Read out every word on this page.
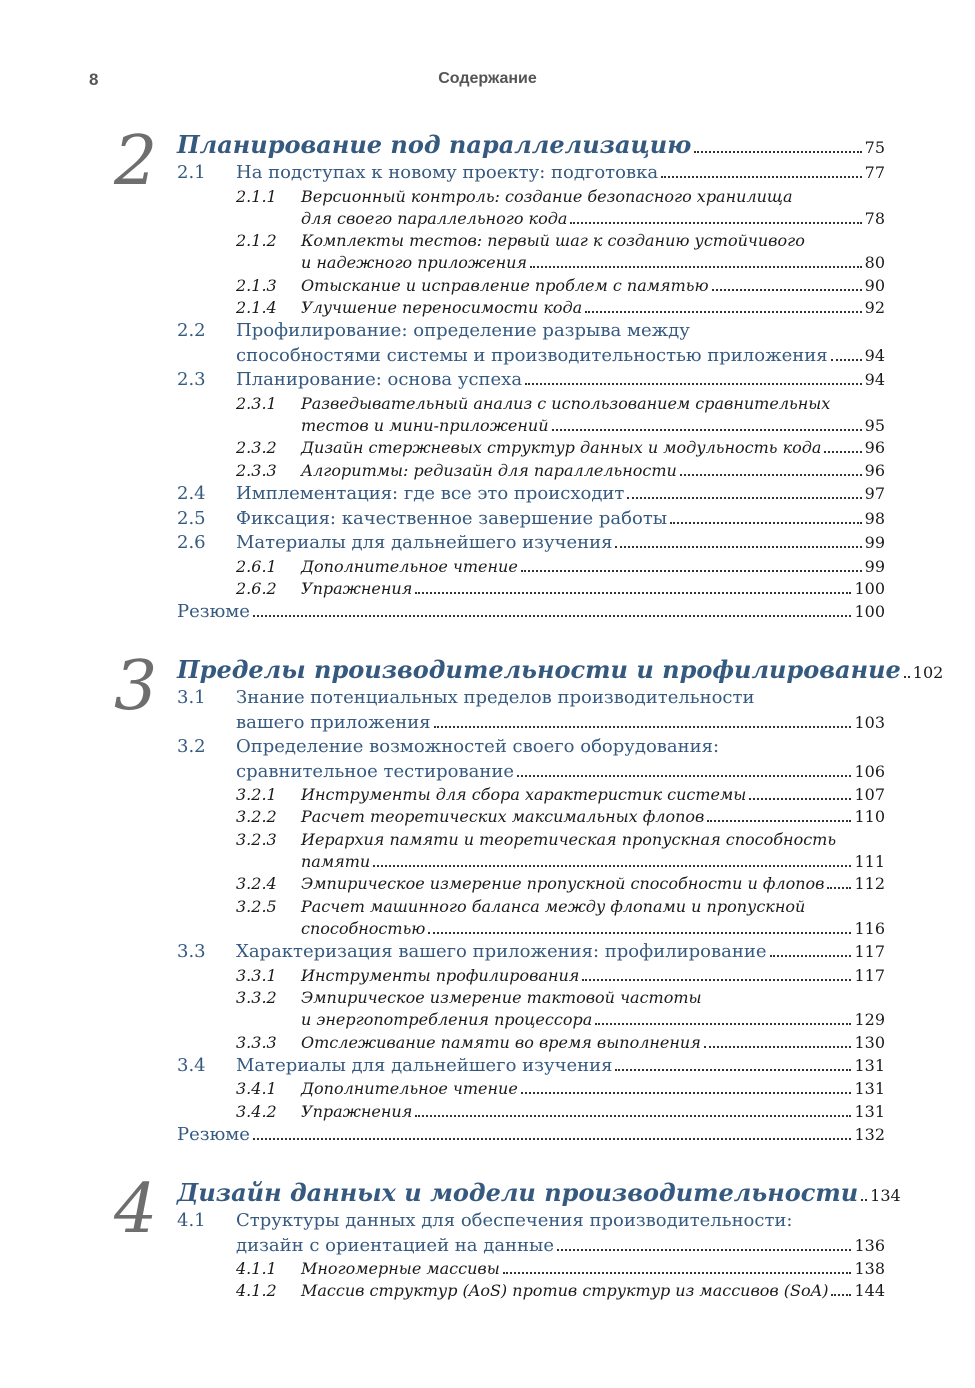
8	Содержание
2 Планирование под параллелизацию	75
2.1	На подступах к новому проекту: подготовка	77
2.1.1	Версионный контроль: создание безопасного хранилища
для своего параллельного кода	78
2.1.2	Комплекты тестов: первый шаг к созданию устойчивого
и надежного приложения	80
2.1.3	Отыскание и исправление проблем с памятью	90
2.1.4	Улучшение переносимости кода	92
2.2	Профилирование: определение разрыва между
способностями системы и производительностью приложения 94
2.3	Планирование: основа успеха	94
2.3.1	Разведывательный анализ с использованием сравнительных
тестов и мини-приложений	95
2.3.2	Дизайн стержневых структур данных и модульность кода	96
2.3.3	Алгоритмы: редизайн для параллельности	96
2.4	Имплементация: где все это происходит	97
2.5	Фиксация: качественное завершение работы	98
2.6	Материалы для дальнейшего изучения	99
2.6.1	Дополнительное чтение	99
2.6.2	Упражнения	100
Резюме	100
3 Пределы производительности и профилирование 102
3.1	Знание потенциальных пределов производительности
вашего приложения	103
3.2	Определение возможностей своего оборудования:
сравнительное тестирование	106
3.2.1	Инструменты для сбора характеристик системы	107
3.2.2	Расчет теоретических максимальных флопов	110
3.2.3	Иерархия памяти и теоретическая пропускная способность
памяти	111
3.2.4	Эмпирическое измерение пропускной способности и флопов 112
3.2.5	Расчет машинного баланса между флопами и пропускной
способностью	116
3.3	Характеризация вашего приложения: профилирование	117
3.3.1	Инструменты профилирования	117
3.3.2	Эмпирическое измерение тактовой частоты
и энергопотребления процессора	129
3.3.3	Отслеживание памяти во время выполнения	130
3.4	Материалы для дальнейшего изучения	131
3.4.1	Дополнительное чтение	131
3.4.2	Упражнения	131
Резюме	132
4 Дизайн данных и модели производительности 134
4.1	Структуры данных для обеспечения производительности:
дизайн с ориентацией на данные	136
4.1.1	Многомерные массивы	138
4.1.2	Массив структур (AoS) против структур из массивов (SoA) 144
